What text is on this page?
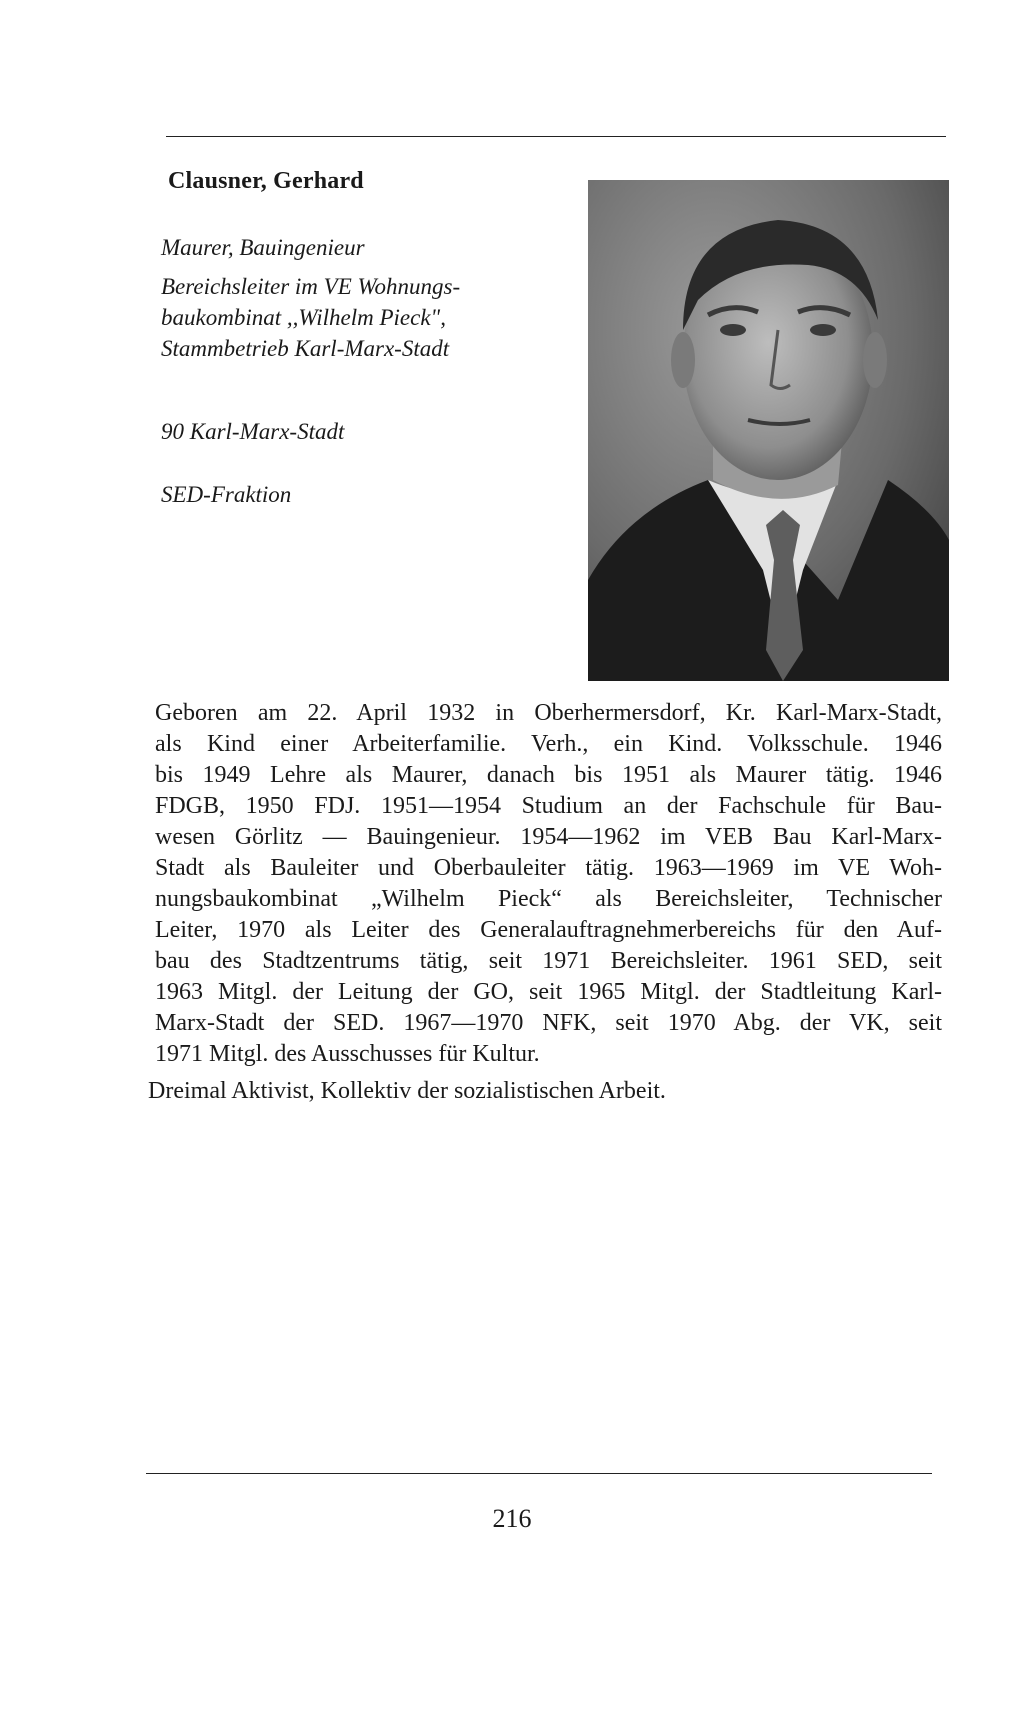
Clausner, Gerhard
Maurer, Bauingenieur
Bereichsleiter im VE Wohnungs-
baukombinat ,,Wilhelm Pieck",
Stammbetrieb Karl-Marx-Stadt
90 Karl-Marx-Stadt
SED-Fraktion
Geboren am 22. April 1932 in Oberhermersdorf, Kr. Karl-Marx-Stadt,
als Kind einer Arbeiterfamilie. Verh., ein Kind. Volksschule. 1946
bis 1949 Lehre als Maurer, danach bis 1951 als Maurer tätig. 1946
FDGB, 1950 FDJ. 1951—1954 Studium an der Fachschule für Bau-
wesen Görlitz — Bauingenieur. 1954—1962 im VEB Bau Karl-Marx-
Stadt als Bauleiter und Oberbauleiter tätig. 1963—1969 im VE Woh-
nungsbaukombinat „Wilhelm Pieck“ als Bereichsleiter, Technischer
Leiter, 1970 als Leiter des Generalauftragnehmerbereichs für den Auf-
bau des Stadtzentrums tätig, seit 1971 Bereichsleiter. 1961 SED, seit
1963 Mitgl. der Leitung der GO, seit 1965 Mitgl. der Stadtleitung Karl-
Marx-Stadt der SED. 1967—1970 NFK, seit 1970 Abg. der VK, seit
1971 Mitgl. des Ausschusses für Kultur.
Dreimal Aktivist, Kollektiv der sozialistischen Arbeit.
216
